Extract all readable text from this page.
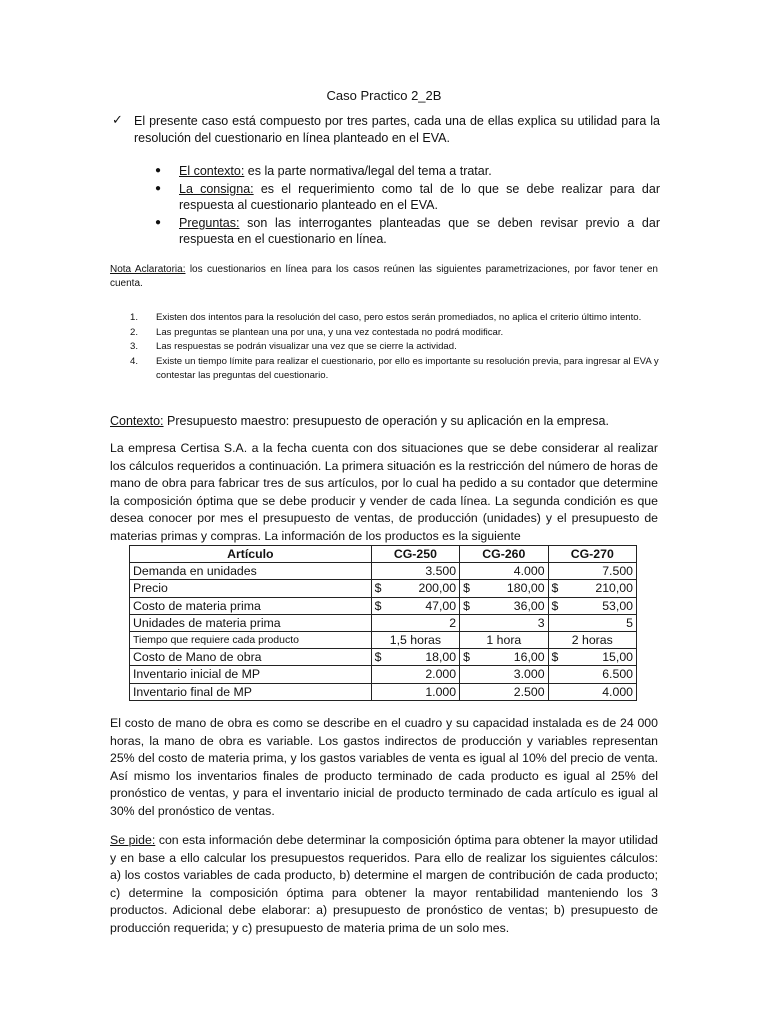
Caso Practico 2_2B
✓ El presente caso está compuesto por tres partes, cada una de ellas explica su utilidad para la resolución del cuestionario en línea planteado en el EVA.
● El contexto: es la parte normativa/legal del tema a tratar.
● La consigna: es el requerimiento como tal de lo que se debe realizar para dar respuesta al cuestionario planteado en el EVA.
● Preguntas: son las interrogantes planteadas que se deben revisar previo a dar respuesta en el cuestionario en línea.
Nota Aclaratoria: los cuestionarios en línea para los casos reúnen las siguientes parametrizaciones, por favor tener en cuenta.
1. Existen dos intentos para la resolución del caso, pero estos serán promediados, no aplica el criterio último intento.
2. Las preguntas se plantean una por una, y una vez contestada no podrá modificar.
3. Las respuestas se podrán visualizar una vez que se cierre la actividad.
4. Existe un tiempo límite para realizar el cuestionario, por ello es importante su resolución previa, para ingresar al EVA y contestar las preguntas del cuestionario.
Contexto: Presupuesto maestro: presupuesto de operación y su aplicación en la empresa.
La empresa Certisa S.A. a la fecha cuenta con dos situaciones que se debe considerar al realizar los cálculos requeridos a continuación. La primera situación es la restricción del número de horas de mano de obra para fabricar tres de sus artículos, por lo cual ha pedido a su contador que determine la composición óptima que se debe producir y vender de cada línea. La segunda condición es que desea conocer por mes el presupuesto de ventas, de producción (unidades) y el presupuesto de materias primas y compras. La información de los productos es la siguiente
Artículo	CG-250	CG-260	CG-270
Demanda en unidades	3.500	4.000	7.500
Precio	$ 200,00	$ 180,00	$ 210,00

Costo de materia prima	$ 47,00	$ 36,00	$ 53,00

Unidades de materia prima	2	3	5
Tiempo que requiere cada producto	1,5 horas	1 hora	2 horas
Costo de Mano de obra	$ 18,00	$ 16,00	$ 15,00

Inventario inicial de MP	2.000	3.000	6.500
Inventario final de MP	1.000	2.500	4.000
El costo de mano de obra es como se describe en el cuadro y su capacidad instalada es de 24 000 horas, la mano de obra es variable. Los gastos indirectos de producción y variables representan 25% del costo de materia prima, y los gastos variables de venta es igual al 10% del precio de venta. Así mismo los inventarios finales de producto terminado de cada producto es igual al 25% del pronóstico de ventas, y para el inventario inicial de producto terminado de cada artículo es igual al 30% del pronóstico de ventas.
Se pide: con esta información debe determinar la composición óptima para obtener la mayor utilidad y en base a ello calcular los presupuestos requeridos. Para ello de realizar los siguientes cálculos: a) los costos variables de cada producto, b) determine el margen de contribución de cada producto; c) determine la composición óptima para obtener la mayor rentabilidad manteniendo los 3 productos. Adicional debe elaborar: a) presupuesto de pronóstico de ventas; b) presupuesto de producción requerida; y c) presupuesto de materia prima de un solo mes.
